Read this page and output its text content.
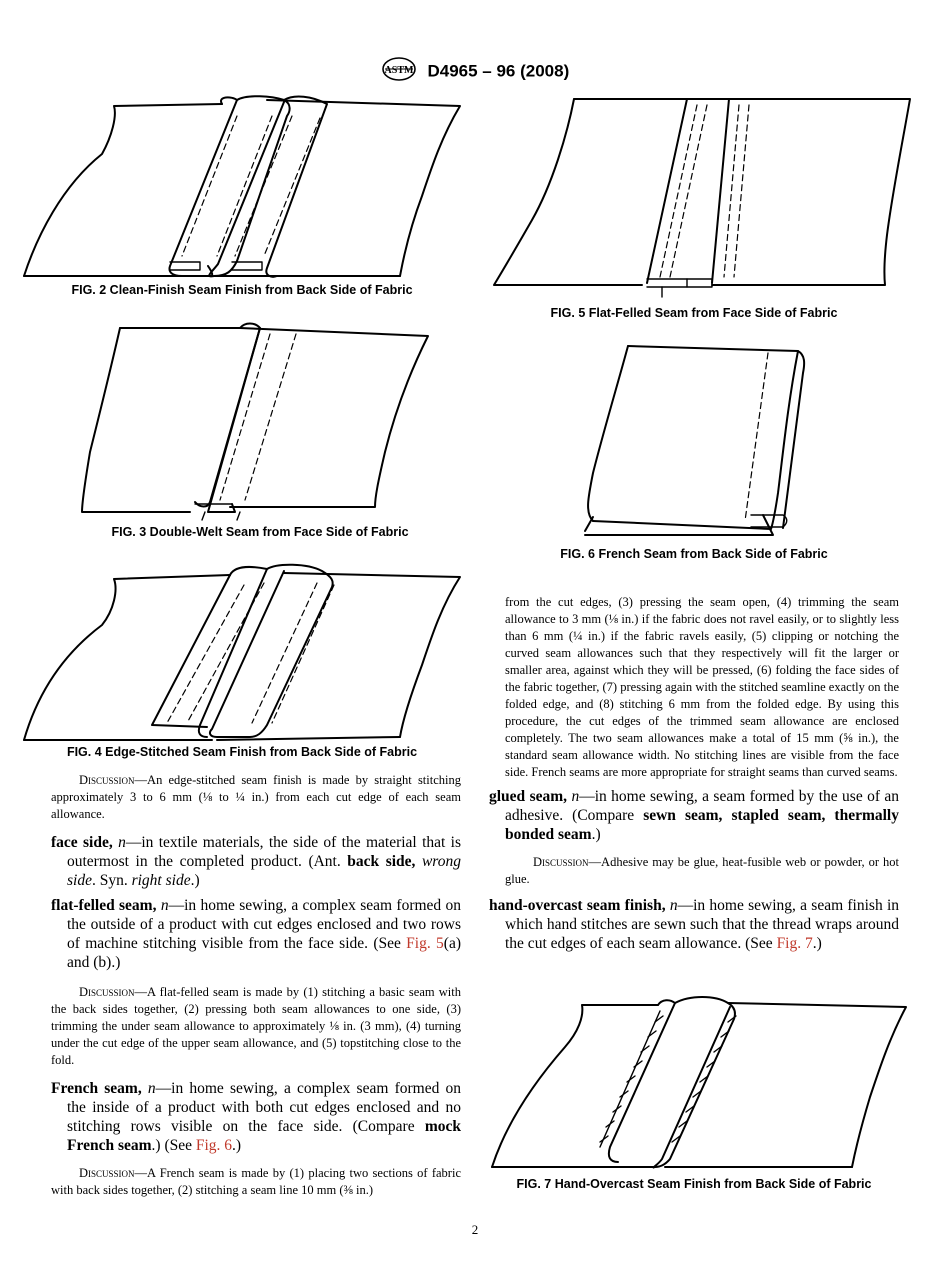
ASTM D4965 – 96 (2008)
FIG. 2 Clean-Finish Seam Finish from Back Side of Fabric
FIG. 3 Double-Welt Seam from Face Side of Fabric
FIG. 4 Edge-Stitched Seam Finish from Back Side of Fabric
FIG. 5 Flat-Felled Seam from Face Side of Fabric
FIG. 6 French Seam from Back Side of Fabric
FIG. 7 Hand-Overcast Seam Finish from Back Side of Fabric

Discussion—An edge-stitched seam finish is made by straight stitching approximately 3 to 6 mm (⅛ to ¼ in.) from each cut edge of each seam allowance.

face side, n—in textile materials, the side of the material that is outermost in the completed product. (Ant. back side, wrong side. Syn. right side.)

flat-felled seam, n—in home sewing, a complex seam formed on the outside of a product with cut edges enclosed and two rows of machine stitching visible from the face side. (See Fig. 5(a) and (b).)

Discussion—A flat-felled seam is made by (1) stitching a basic seam with the back sides together, (2) pressing both seam allowances to one side, (3) trimming the under seam allowance to approximately ⅛ in. (3 mm), (4) turning under the cut edge of the upper seam allowance, and (5) topstitching close to the fold.

French seam, n—in home sewing, a complex seam formed on the inside of a product with both cut edges enclosed and no stitching rows visible on the face side. (Compare mock French seam.) (See Fig. 6.)

Discussion—A French seam is made by (1) placing two sections of fabric with back sides together, (2) stitching a seam line 10 mm (⅜ in.)

from the cut edges, (3) pressing the seam open, (4) trimming the seam allowance to 3 mm (⅛ in.) if the fabric does not ravel easily, or to slightly less than 6 mm (¼ in.) if the fabric ravels easily, (5) clipping or notching the curved seam allowances such that they respectively will fit the larger or smaller area, against which they will be pressed, (6) folding the face sides of the fabric together, (7) pressing again with the stitched seamline exactly on the folded edge, and (8) stitching 6 mm from the folded edge. By using this procedure, the cut edges of the trimmed seam allowance are enclosed completely. The two seam allowances make a total of 15 mm (⅝ in.), the standard seam allowance width. No stitching lines are visible from the face side. French seams are more appropriate for straight seams than curved seams.

glued seam, n—in home sewing, a seam formed by the use of an adhesive. (Compare sewn seam, stapled seam, thermally bonded seam.)

Discussion—Adhesive may be glue, heat-fusible web or powder, or hot glue.

hand-overcast seam finish, n—in home sewing, a seam finish in which hand stitches are sewn such that the thread wraps around the cut edges of each seam allowance. (See Fig. 7.)

2
